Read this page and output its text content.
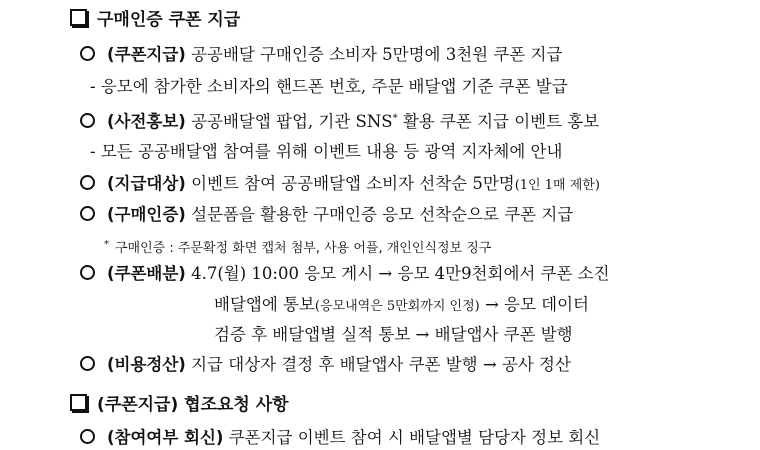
구매인증 쿠폰 지급
(쿠폰지급) 공공배달 구매인증 소비자 5만명에 3천원 쿠폰 지급
- 응모에 참가한 소비자의 핸드폰 번호, 주문 배달앱 기준 쿠폰 발급
(사전홍보) 공공배달앱 팝업, 기관 SNS* 활용 쿠폰 지급 이벤트 홍보
- 모든 공공배달앱 참여를 위해 이벤트 내용 등 광역 지자체에 안내
(지급대상) 이벤트 참여 공공배달앱 소비자 선착순 5만명(1인 1매 제한)
(구매인증) 설문폼을 활용한 구매인증 응모 선착순으로 쿠폰 지급
* 구매인증 : 주문확정 화면 캡처 첨부, 사용 어플, 개인인식정보 징구
(쿠폰배분) 4.7(월) 10:00 응모 게시 → 응모 4만9천회에서 쿠폰 소진
배달앱에 통보(응모내역은 5만회까지 인정) → 응모 데이터
검증 후 배달앱별 실적 통보 → 배달앱사 쿠폰 발행
(비용정산) 지급 대상자 결정 후 배달앱사 쿠폰 발행 → 공사 정산
(쿠폰지급) 협조요청 사항
(참여여부 회신) 쿠폰지급 이벤트 참여 시 배달앱별 담당자 정보 회신
